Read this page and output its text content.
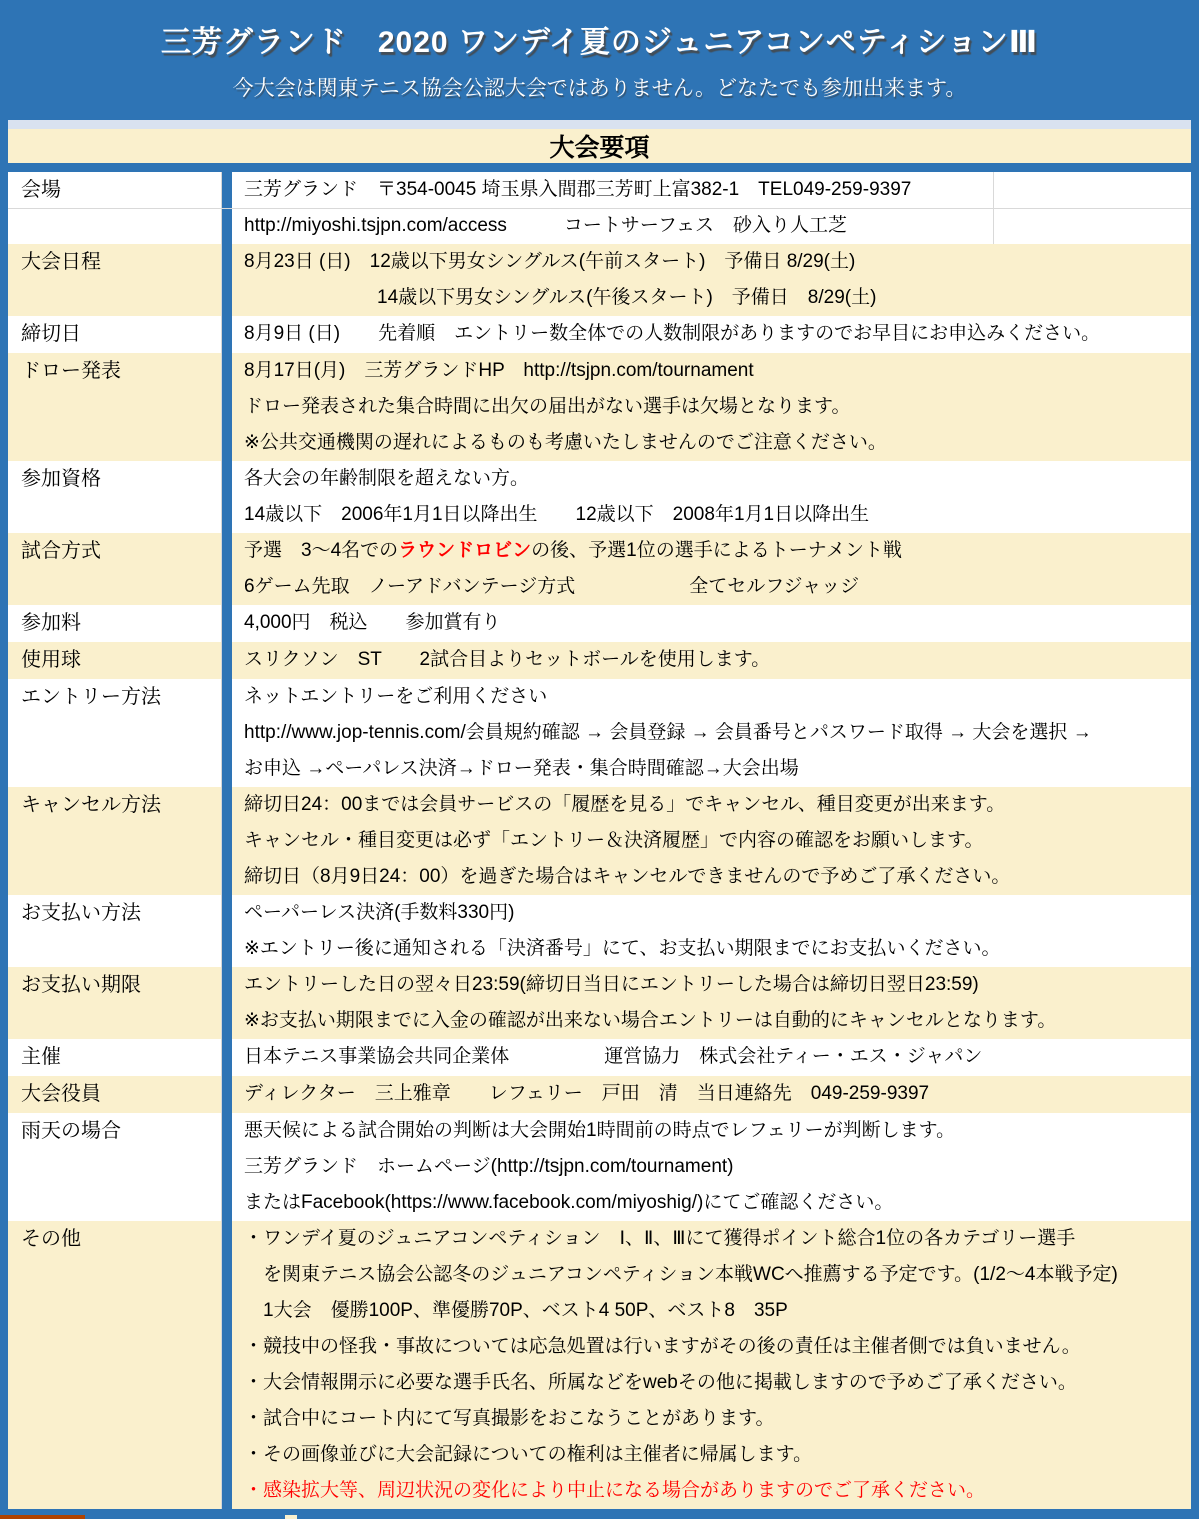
三芳グランド　2020 ワンデイ夏のジュニアコンペティションⅢ
今大会は関東テニス協会公認大会ではありません。どなたでも参加出来ます。
大会要項
会場	三芳グランド　〒354-0045 埼玉県入間郡三芳町上富382-1　TEL049-259-9397
http://miyoshi.tsjpn.com/access　　　コートサーフェス　砂入り人工芝
大会日程	8月23日 (日)　12歳以下男女シングルス(午前スタート)　予備日 8/29(土)
　　　　　　　14歳以下男女シングルス(午後スタート)　予備日　8/29(土)
締切日	8月9日 (日)　　先着順　エントリー数全体での人数制限がありますのでお早目にお申込みください。
ドロー発表	8月17日(月)　三芳グランドHP　http://tsjpn.com/tournament
ドロー発表された集合時間に出欠の届出がない選手は欠場となります。
※公共交通機関の遅れによるものも考慮いたしませんのでご注意ください。
参加資格	各大会の年齢制限を超えない方。
14歳以下　2006年1月1日以降出生　　12歳以下　2008年1月1日以降出生
試合方式	予選　3～4名でのラウンドロビンの後、予選1位の選手によるトーナメント戦
6ゲーム先取　ノーアドバンテージ方式　　　　　　全てセルフジャッジ
参加料	4,000円　税込　　参加賞有り
使用球	スリクソン　ST　　2試合目よりセットボールを使用します。
エントリー方法	ネットエントリーをご利用ください
http://www.jop-tennis.com/会員規約確認 → 会員登録 → 会員番号とパスワード取得 → 大会を選択 →
お申込 →ペーパレス決済→ドロー発表・集合時間確認→大会出場
キャンセル方法	締切日24：00までは会員サービスの「履歴を見る」でキャンセル、種目変更が出来ます。
キャンセル・種目変更は必ず「エントリー＆決済履歴」で内容の確認をお願いします。
締切日（8月9日24：00）を過ぎた場合はキャンセルできませんので予めご了承ください。
お支払い方法	ペーパーレス決済(手数料330円)
※エントリー後に通知される「決済番号」にて、お支払い期限までにお支払いください。
お支払い期限	エントリーした日の翌々日23:59(締切日当日にエントリーした場合は締切日翌日23:59)
※お支払い期限までに入金の確認が出来ない場合エントリーは自動的にキャンセルとなります。
主催	日本テニス事業協会共同企業体　　　　　運営協力　株式会社ティー・エス・ジャパン
大会役員	ディレクター　三上雅章　　レフェリー　戸田　清　当日連絡先　049-259-9397
雨天の場合	悪天候による試合開始の判断は大会開始1時間前の時点でレフェリーが判断します。
三芳グランド　ホームページ(http://tsjpn.com/tournament)
またはFacebook(https://www.facebook.com/miyoshig/)にてご確認ください。
その他	・ワンデイ夏のジュニアコンペティション　Ⅰ、Ⅱ、Ⅲにて獲得ポイント総合1位の各カテゴリー選手
　を関東テニス協会公認冬のジュニアコンペティション本戦WCへ推薦する予定です。(1/2～4本戦予定)
　1大会　優勝100P、準優勝70P、ベスト4 50P、ベスト8　35P
・競技中の怪我・事故については応急処置は行いますがその後の責任は主催者側では負いません。
・大会情報開示に必要な選手氏名、所属などをwebその他に掲載しますので予めご了承ください。
・試合中にコート内にて写真撮影をおこなうことがあります。
・その画像並びに大会記録についての権利は主催者に帰属します。
・感染拡大等、周辺状況の変化により中止になる場合がありますのでご了承ください。
